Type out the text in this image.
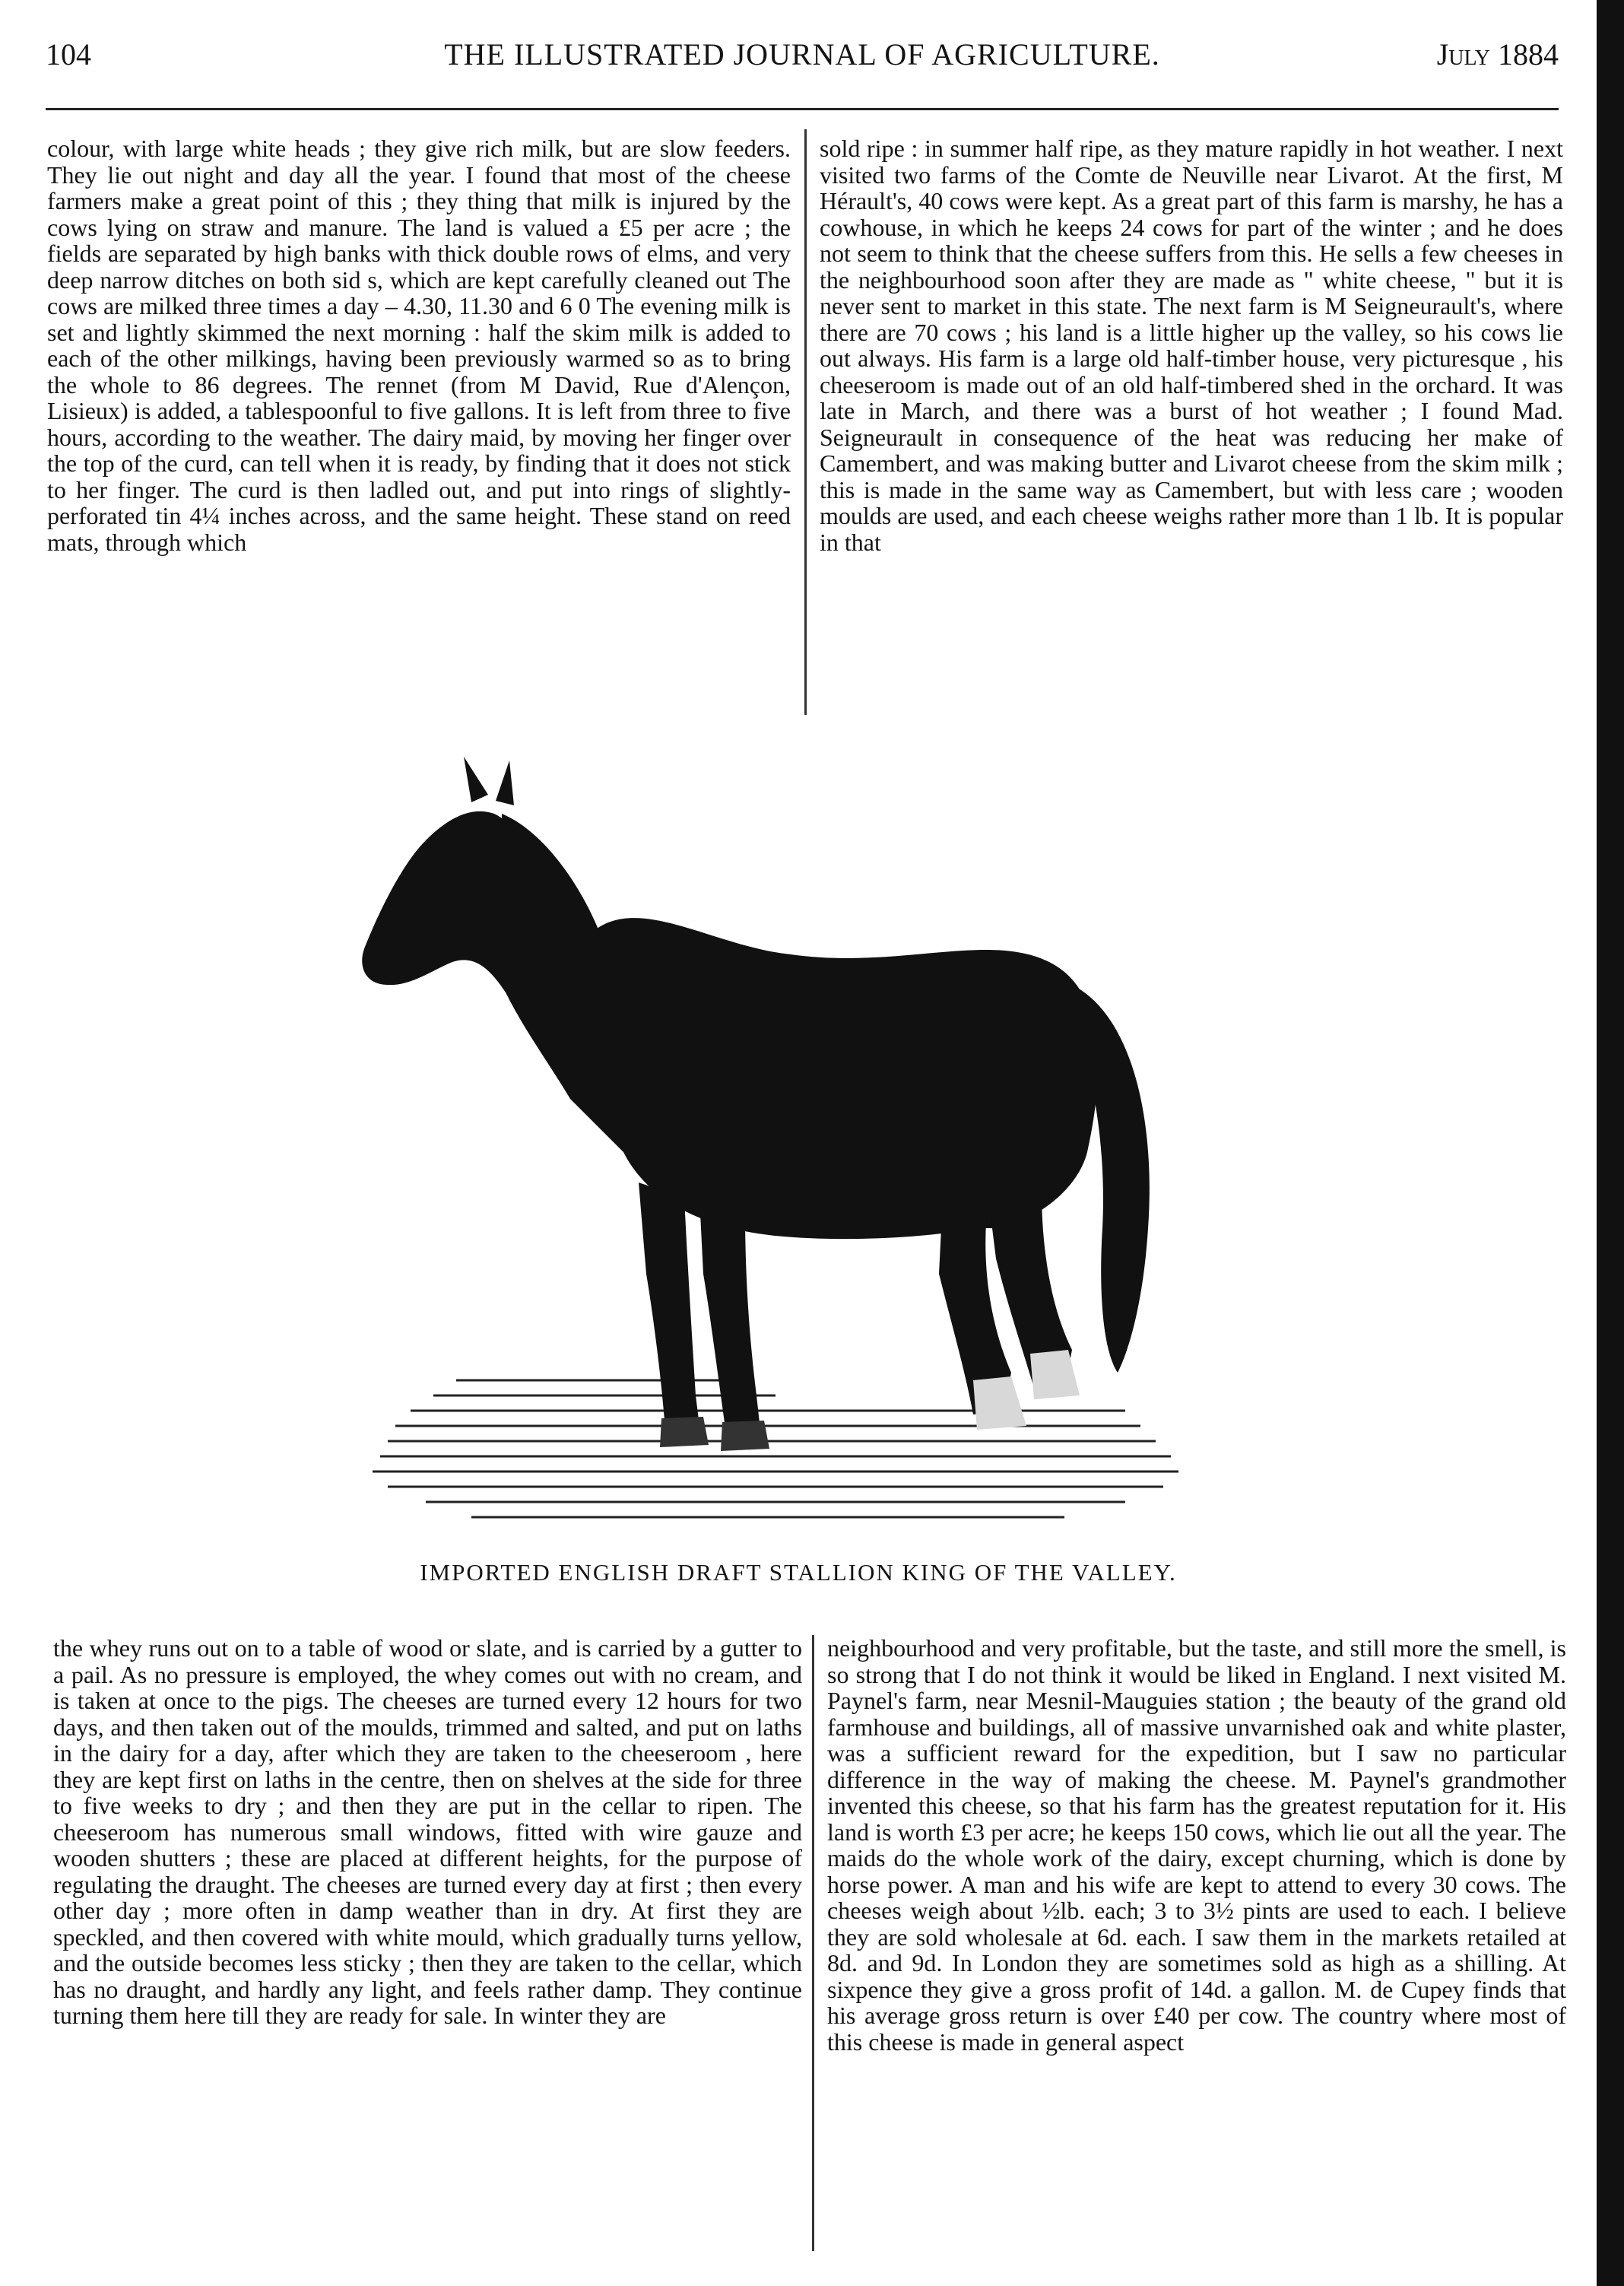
104	THE ILLUSTRATED JOURNAL OF AGRICULTURE.	July 1884

colour, with large white heads ; they give rich milk, but are slow feeders. They lie out night and day all the year. I found that most of the cheese farmers make a great point of this ; they thing that milk is injured by the cows lying on straw and manure. The land is valued a £5 per acre ; the fields are separated by high banks with thick double rows of elms, and very deep narrow ditches on both sid s, which are kept carefully cleaned out The cows are milked three times a day – 4.30, 11.30 and 6 0 The evening milk is set and lightly skimmed the next morning : half the skim milk is added to each of the other milkings, having been previously warmed so as to bring the whole to 86 degrees. The rennet (from M David, Rue d'Alençon, Lisieux) is added, a tablespoonful to five gallons. It is left from three to five hours, according to the weather. The dairy maid, by moving her finger over the top of the curd, can tell when it is ready, by finding that it does not stick to her finger. The curd is then ladled out, and put into rings of slightly-perforated tin 4¼ inches across, and the same height. These stand on reed mats, through which

sold ripe : in summer half ripe, as they mature rapidly in hot weather. I next visited two farms of the Comte de Neuville near Livarot. At the first, M Hérault's, 40 cows were kept. As a great part of this farm is marshy, he has a cowhouse, in which he keeps 24 cows for part of the winter ; and he does not seem to think that the cheese suffers from this. He sells a few cheeses in the neighbourhood soon after they are made as " white cheese, " but it is never sent to market in this state. The next farm is M Seigneurault's, where there are 70 cows ; his land is a little higher up the valley, so his cows lie out always. His farm is a large old half-timber house, very picturesque , his cheeseroom is made out of an old half-timbered shed in the orchard. It was late in March, and there was a burst of hot weather ; I found Mad. Seigneurault in consequence of the heat was reducing her make of Camembert, and was making butter and Livarot cheese from the skim milk ; this is made in the same way as Camembert, but with less care ; wooden moulds are used, and each cheese weighs rather more than 1 lb. It is popular in that

IMPORTED ENGLISH DRAFT STALLION KING OF THE VALLEY.

the whey runs out on to a table of wood or slate, and is carried by a gutter to a pail. As no pressure is employed, the whey comes out with no cream, and is taken at once to the pigs. The cheeses are turned every 12 hours for two days, and then taken out of the moulds, trimmed and salted, and put on laths in the dairy for a day, after which they are taken to the cheeseroom , here they are kept first on laths in the centre, then on shelves at the side for three to five weeks to dry ; and then they are put in the cellar to ripen. The cheeseroom has numerous small windows, fitted with wire gauze and wooden shutters ; these are placed at different heights, for the purpose of regulating the draught. The cheeses are turned every day at first ; then every other day ; more often in damp weather than in dry. At first they are speckled, and then covered with white mould, which gradually turns yellow, and the outside becomes less sticky ; then they are taken to the cellar, which has no draught, and hardly any light, and feels rather damp. They continue turning them here till they are ready for sale. In winter they are

neighbourhood and very profitable, but the taste, and still more the smell, is so strong that I do not think it would be liked in England. I next visited M. Paynel's farm, near Mesnil-Mauguies station ; the beauty of the grand old farmhouse and buildings, all of massive unvarnished oak and white plaster, was a sufficient reward for the expedition, but I saw no particular difference in the way of making the cheese. M. Paynel's grandmother invented this cheese, so that his farm has the greatest reputation for it. His land is worth £3 per acre; he keeps 150 cows, which lie out all the year. The maids do the whole work of the dairy, except churning, which is done by horse power. A man and his wife are kept to attend to every 30 cows. The cheeses weigh about ½lb. each; 3 to 3½ pints are used to each. I believe they are sold wholesale at 6d. each. I saw them in the markets retailed at 8d. and 9d. In London they are sometimes sold as high as a shilling. At sixpence they give a gross profit of 14d. a gallon. M. de Cupey finds that his average gross return is over £40 per cow. The country where most of this cheese is made in general aspect
